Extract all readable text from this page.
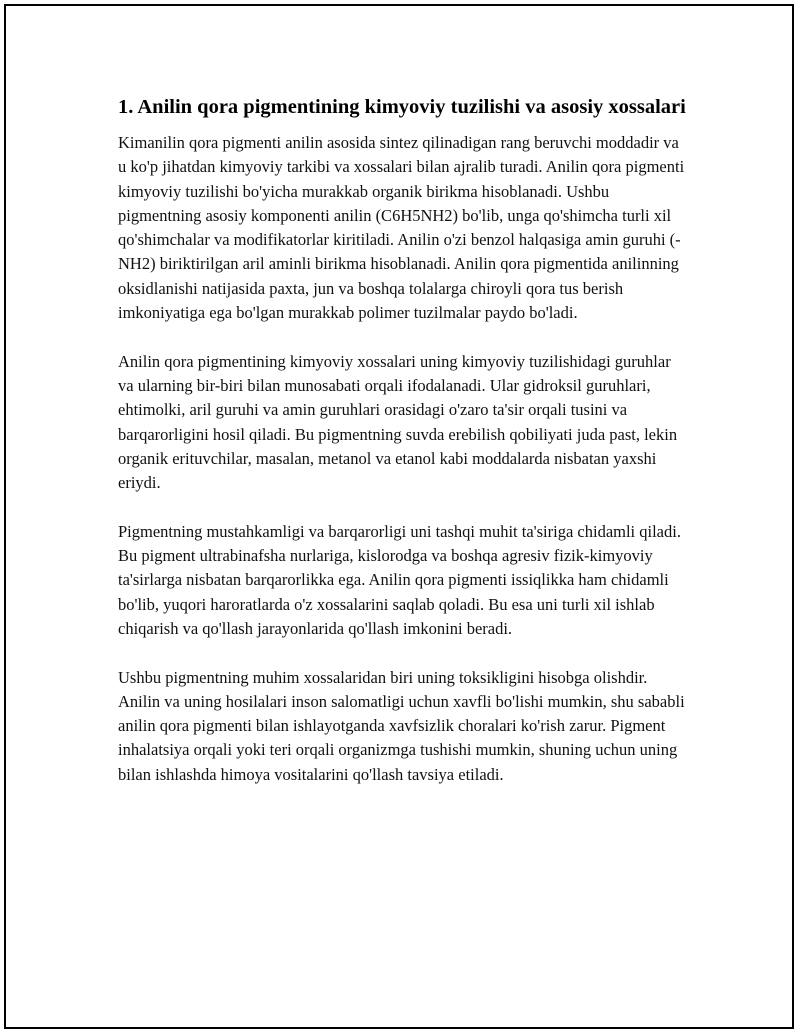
1. Anilin qora pigmentining kimyoviy tuzilishi va asosiy xossalari

Kimanilin qora pigmenti anilin asosida sintez qilinadigan rang beruvchi moddadir va u ko'p jihatdan kimyoviy tarkibi va xossalari bilan ajralib turadi. Anilin qora pigmenti kimyoviy tuzilishi bo'yicha murakkab organik birikma hisoblanadi. Ushbu pigmentning asosiy komponenti anilin (C6H5NH2) bo'lib, unga qo'shimcha turli xil qo'shimchalar va modifikatorlar kiritiladi. Anilin o'zi benzol halqasiga amin guruhi (-NH2) biriktirilgan aril aminli birikma hisoblanadi. Anilin qora pigmentida anilinning oksidlanishi natijasida paxta, jun va boshqa tolalarga chiroyli qora tus berish imkoniyatiga ega bo'lgan murakkab polimer tuzilmalar paydo bo'ladi.

Anilin qora pigmentining kimyoviy xossalari uning kimyoviy tuzilishidagi guruhlar va ularning bir-biri bilan munosabati orqali ifodalanadi. Ular gidroksil guruhlari, ehtimolki, aril guruhi va amin guruhlari orasidagi o'zaro ta'sir orqali tusini va barqarorligini hosil qiladi. Bu pigmentning suvda erebilish qobiliyati juda past, lekin organik erituvchilar, masalan, metanol va etanol kabi moddalarda nisbatan yaxshi eriydi.

Pigmentning mustahkamligi va barqarorligi uni tashqi muhit ta'siriga chidamli qiladi. Bu pigment ultrabinafsha nurlariga, kislorodga va boshqa agresiv fizik-kimyoviy ta'sirlarga nisbatan barqarorlikka ega. Anilin qora pigmenti issiqlikka ham chidamli bo'lib, yuqori haroratlarda o'z xossalarini saqlab qoladi. Bu esa uni turli xil ishlab chiqarish va qo'llash jarayonlarida qo'llash imkonini beradi.

Ushbu pigmentning muhim xossalaridan biri uning toksikligini hisobga olishdir. Anilin va uning hosilalari inson salomatligi uchun xavfli bo'lishi mumkin, shu sababli anilin qora pigmenti bilan ishlayotganda xavfsizlik choralari ko'rish zarur. Pigment inhalatsiya orqali yoki teri orqali organizmga tushishi mumkin, shuning uchun uning bilan ishlashda himoya vositalarini qo'llash tavsiya etiladi.
